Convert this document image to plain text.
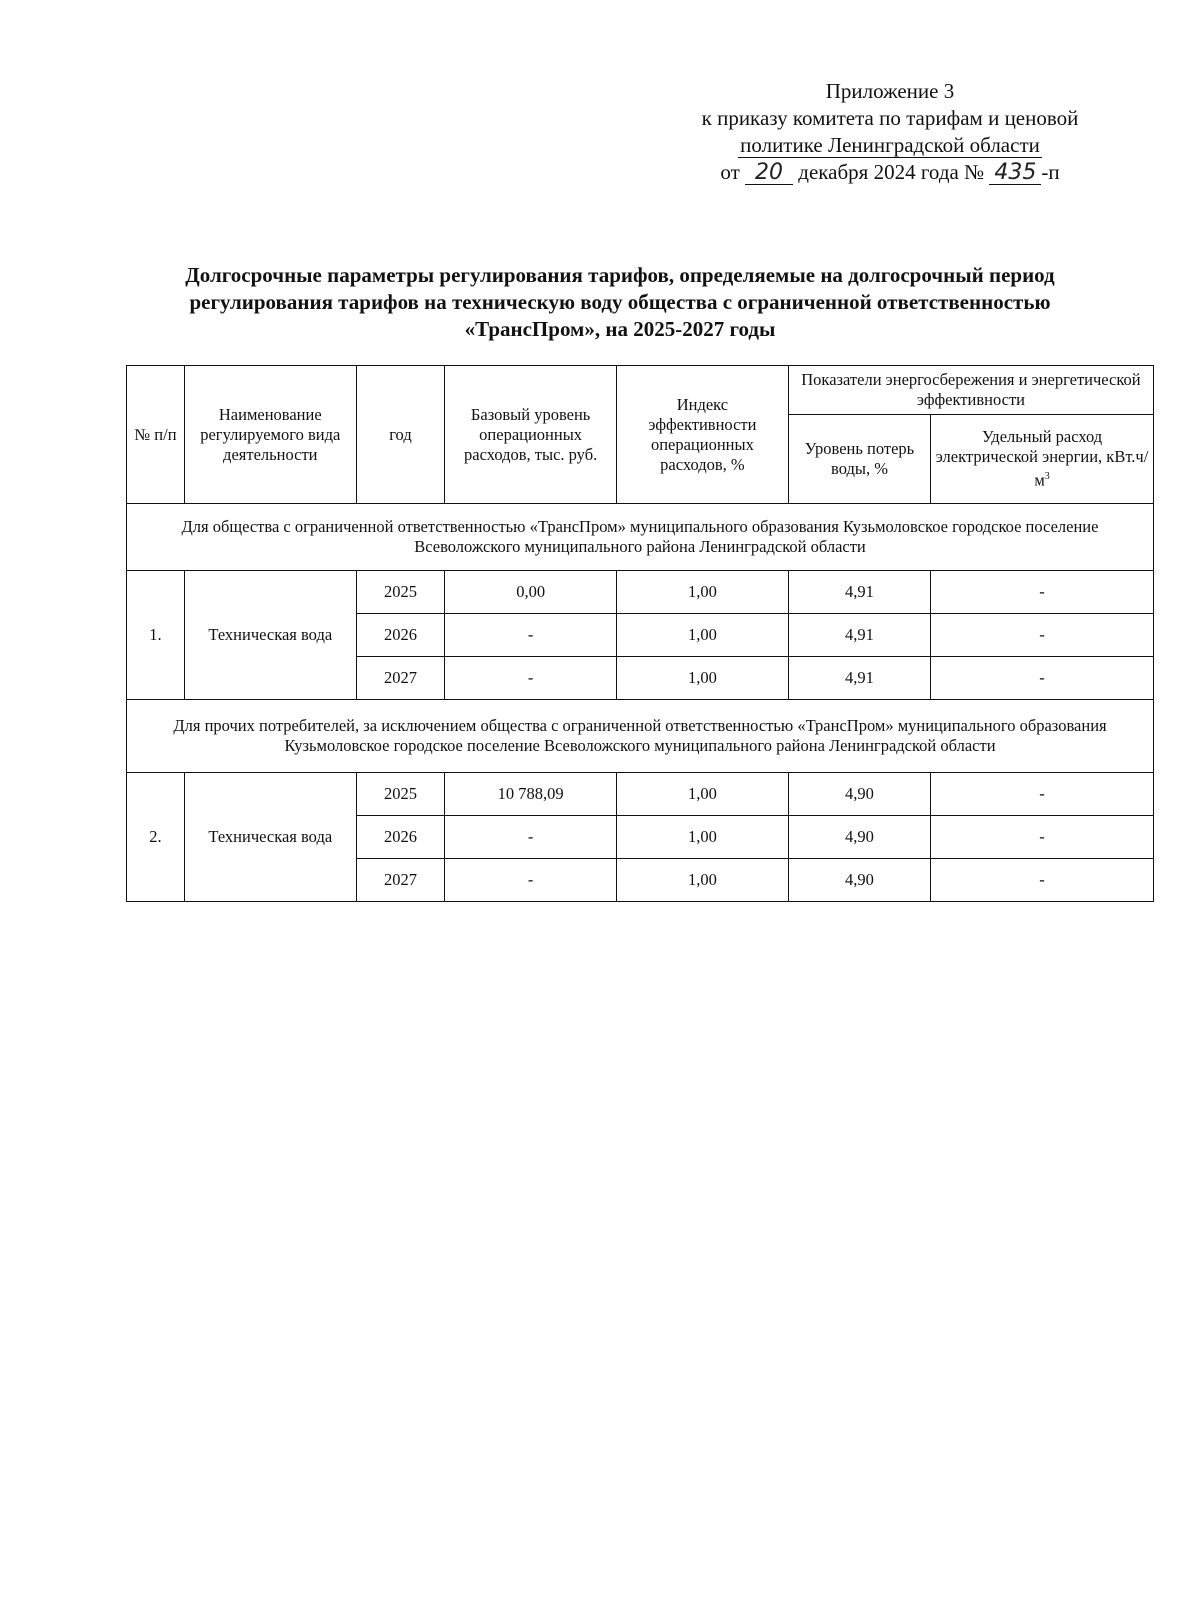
Приложение 3
к приказу комитета по тарифам и ценовой
политике Ленинградской области
от 20 декабря 2024 года № 435 -п
Долгосрочные параметры регулирования тарифов, определяемые на долгосрочный период
регулирования тарифов на техническую воду общества с ограниченной ответственностью
«ТрансПром», на 2025-2027 годы
№ п/п	Наименование регулируемого вида деятельности	год	Базовый уровень операционных расходов, тыс. руб.	Индекс эффективности операционных расходов, %	Показатели энергосбережения и энергетической эффективности	
					Уровень потерь воды, %	Удельный расход электрической энергии, $кВт.ч/м^3$
Для общества с ограниченной ответственностью «ТрансПром» муниципального образования Кузьмоловское городское поселение Всеволожского муниципального района Ленинградской области						
1.	Техническая вода	2025	0,00	1,00	4,91	-
		2026	-	1,00	4,91	-
		2027	-	1,00	4,91	-
Для прочих потребителей, за исключением общества с ограниченной ответственностью «ТрансПром» муниципального образования Кузьмоловское городское поселение Всеволожского муниципального района Ленинградской области						
2.	Техническая вода	2025	10 788,09	1,00	4,90	-
		2026	-	1,00	4,90	-
		2027	-	1,00	4,90	-
